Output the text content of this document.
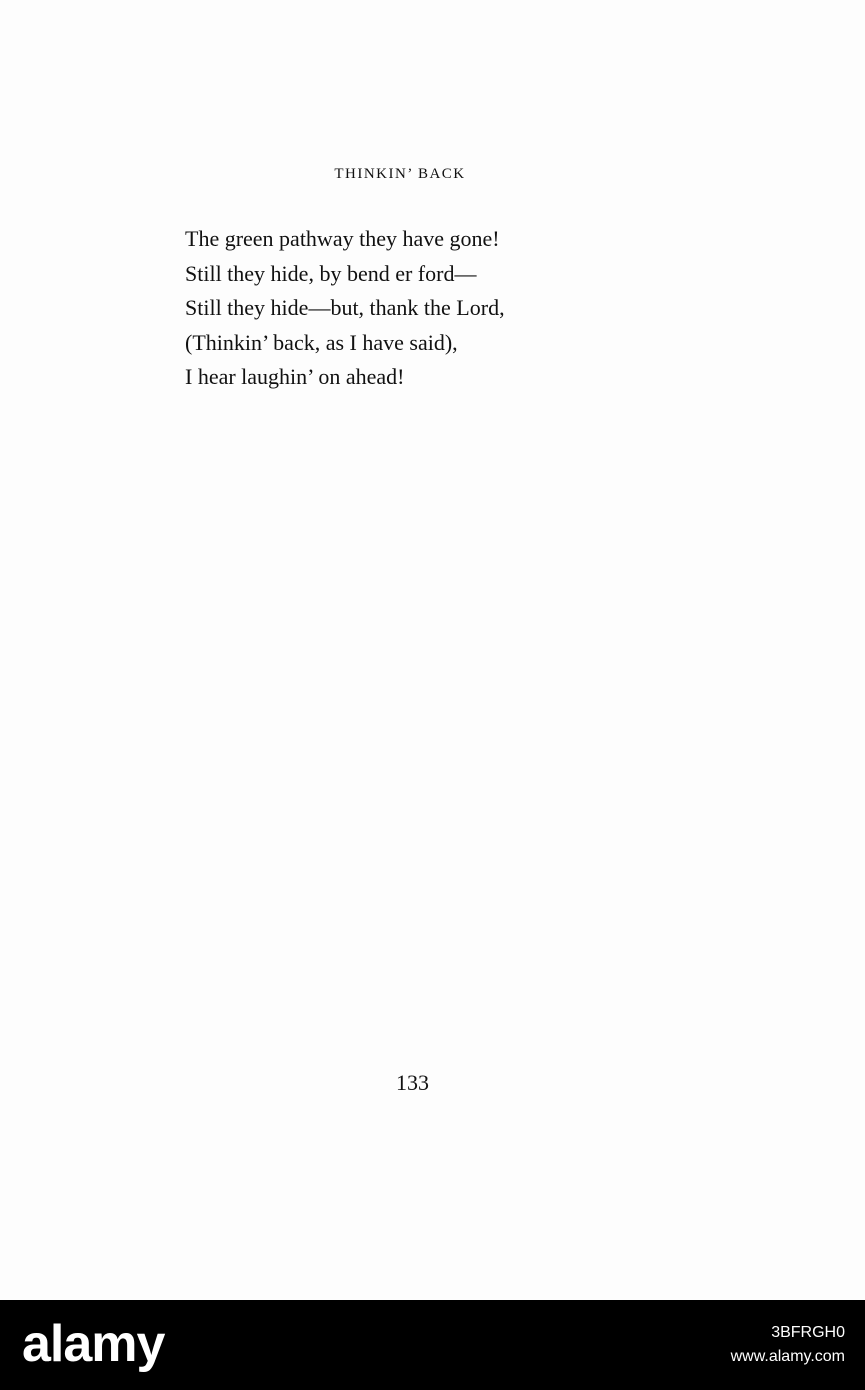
THINKIN’ BACK
The green pathway they have gone!
Still they hide, by bend er ford—
Still they hide—but, thank the Lord,
(Thinkin’ back, as I have said),
I hear laughin’ on ahead!
133
alamy	3BFRGH0
www.alamy.com
